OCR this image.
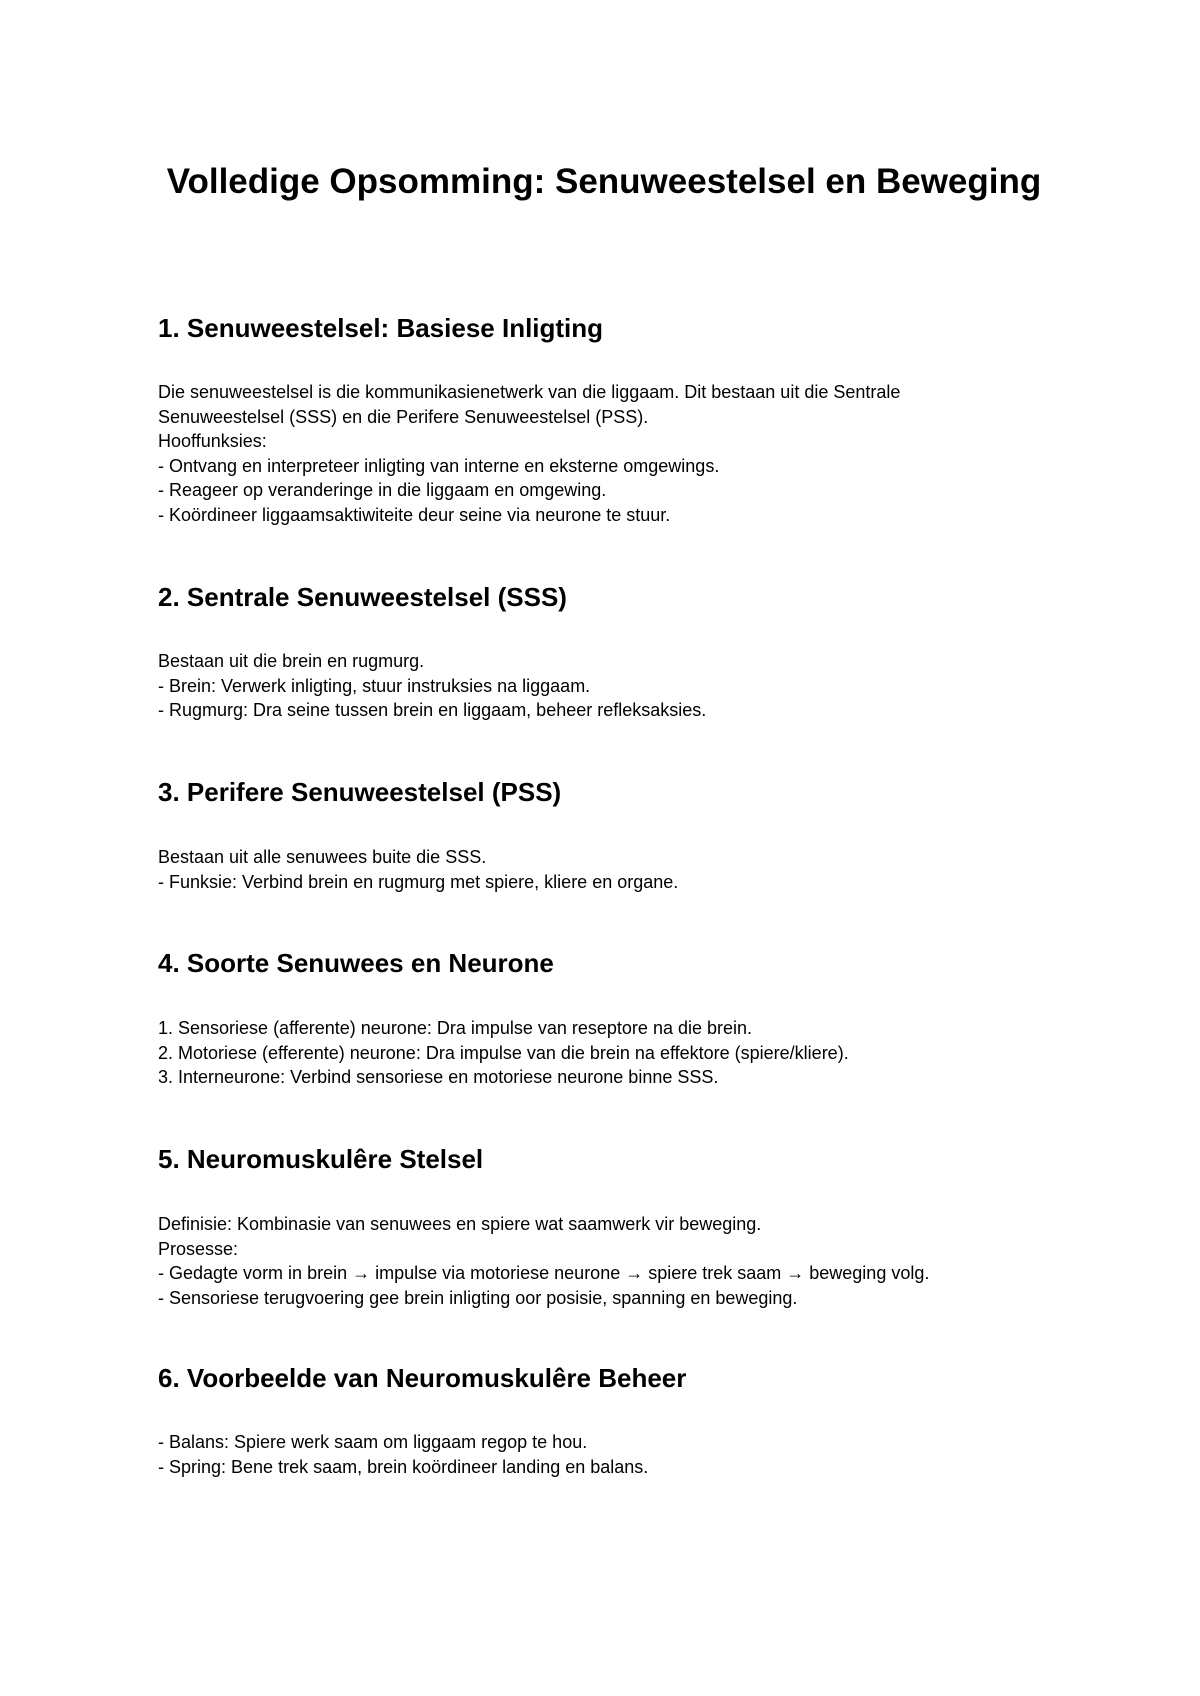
Volledige Opsomming: Senuweestelsel en Beweging
1. Senuweestelsel: Basiese Inligting
Die senuweestelsel is die kommunikasienetwerk van die liggaam. Dit bestaan uit die Sentrale
Senuweestelsel (SSS) en die Perifere Senuweestelsel (PSS).
Hooffunksies:
- Ontvang en interpreteer inligting van interne en eksterne omgewings.
- Reageer op veranderinge in die liggaam en omgewing.
- Koördineer liggaamsaktiwiteite deur seine via neurone te stuur.
2. Sentrale Senuweestelsel (SSS)
Bestaan uit die brein en rugmurg.
- Brein: Verwerk inligting, stuur instruksies na liggaam.
- Rugmurg: Dra seine tussen brein en liggaam, beheer refleksaksies.
3. Perifere Senuweestelsel (PSS)
Bestaan uit alle senuwees buite die SSS.
- Funksie: Verbind brein en rugmurg met spiere, kliere en organe.
4. Soorte Senuwees en Neurone
1. Sensoriese (afferente) neurone: Dra impulse van reseptore na die brein.
2. Motoriese (efferente) neurone: Dra impulse van die brein na effektore (spiere/kliere).
3. Interneurone: Verbind sensoriese en motoriese neurone binne SSS.
5. Neuromuskulêre Stelsel
Definisie: Kombinasie van senuwees en spiere wat saamwerk vir beweging.
Prosesse:
- Gedagte vorm in brein → impulse via motoriese neurone → spiere trek saam → beweging volg.
- Sensoriese terugvoering gee brein inligting oor posisie, spanning en beweging.
6. Voorbeelde van Neuromuskulêre Beheer
- Balans: Spiere werk saam om liggaam regop te hou.
- Spring: Bene trek saam, brein koördineer landing en balans.
